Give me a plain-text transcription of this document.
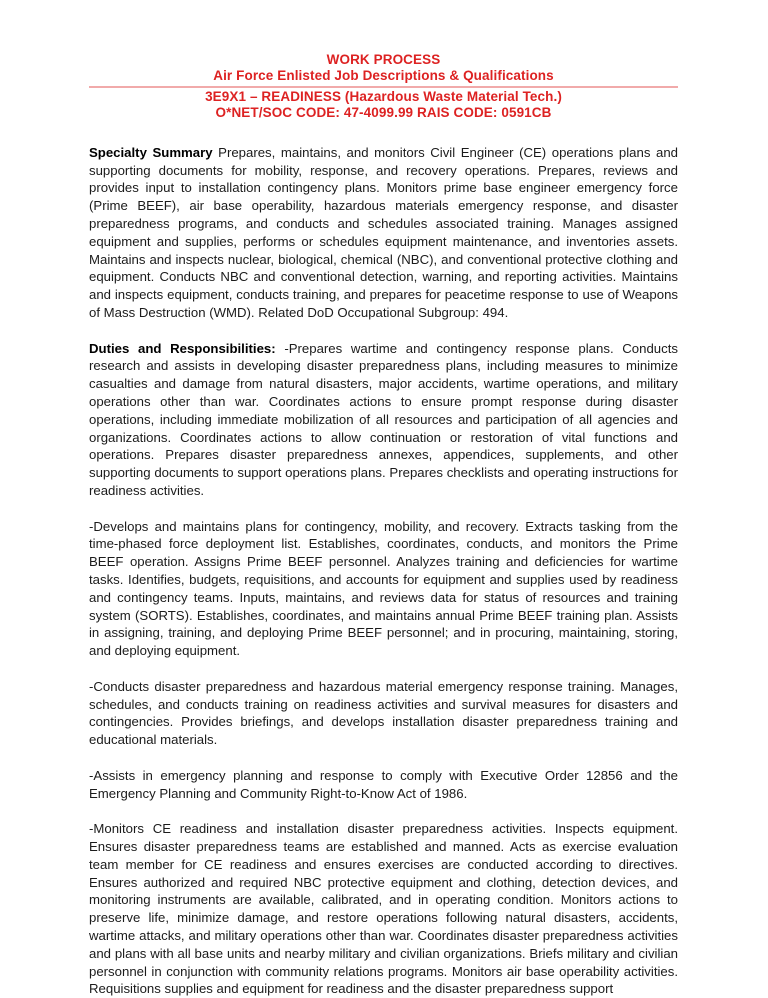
WORK PROCESS
Air Force Enlisted Job Descriptions & Qualifications
3E9X1 – READINESS (Hazardous Waste Material Tech.)
O*NET/SOC CODE: 47-4099.99 RAIS CODE: 0591CB

Specialty Summary Prepares, maintains, and monitors Civil Engineer (CE) operations plans and supporting documents for mobility, response, and recovery operations. Prepares, reviews and provides input to installation contingency plans. Monitors prime base engineer emergency force (Prime BEEF), air base operability, hazardous materials emergency response, and disaster preparedness programs, and conducts and schedules associated training. Manages assigned equipment and supplies, performs or schedules equipment maintenance, and inventories assets. Maintains and inspects nuclear, biological, chemical (NBC), and conventional protective clothing and equipment. Conducts NBC and conventional detection, warning, and reporting activities. Maintains and inspects equipment, conducts training, and prepares for peacetime response to use of Weapons of Mass Destruction (WMD). Related DoD Occupational Subgroup: 494.

Duties and Responsibilities: -Prepares wartime and contingency response plans. Conducts research and assists in developing disaster preparedness plans, including measures to minimize casualties and damage from natural disasters, major accidents, wartime operations, and military operations other than war. Coordinates actions to ensure prompt response during disaster operations, including immediate mobilization of all resources and participation of all agencies and organizations. Coordinates actions to allow continuation or restoration of vital functions and operations. Prepares disaster preparedness annexes, appendices, supplements, and other supporting documents to support operations plans. Prepares checklists and operating instructions for readiness activities.

-Develops and maintains plans for contingency, mobility, and recovery. Extracts tasking from the time-phased force deployment list. Establishes, coordinates, conducts, and monitors the Prime BEEF operation. Assigns Prime BEEF personnel. Analyzes training and deficiencies for wartime tasks. Identifies, budgets, requisitions, and accounts for equipment and supplies used by readiness and contingency teams. Inputs, maintains, and reviews data for status of resources and training system (SORTS). Establishes, coordinates, and maintains annual Prime BEEF training plan. Assists in assigning, training, and deploying Prime BEEF personnel; and in procuring, maintaining, storing, and deploying equipment.

-Conducts disaster preparedness and hazardous material emergency response training. Manages, schedules, and conducts training on readiness activities and survival measures for disasters and contingencies. Provides briefings, and develops installation disaster preparedness training and educational materials.

-Assists in emergency planning and response to comply with Executive Order 12856 and the Emergency Planning and Community Right-to-Know Act of 1986.

-Monitors CE readiness and installation disaster preparedness activities. Inspects equipment. Ensures disaster preparedness teams are established and manned. Acts as exercise evaluation team member for CE readiness and ensures exercises are conducted according to directives. Ensures authorized and required NBC protective equipment and clothing, detection devices, and monitoring instruments are available, calibrated, and in operating condition. Monitors actions to preserve life, minimize damage, and restore operations following natural disasters, accidents, wartime attacks, and military operations other than war. Coordinates disaster preparedness activities and plans with all base units and nearby military and civilian organizations. Briefs military and civilian personnel in conjunction with community relations programs. Monitors air base operability activities. Requisitions supplies and equipment for readiness and the disaster preparedness support
